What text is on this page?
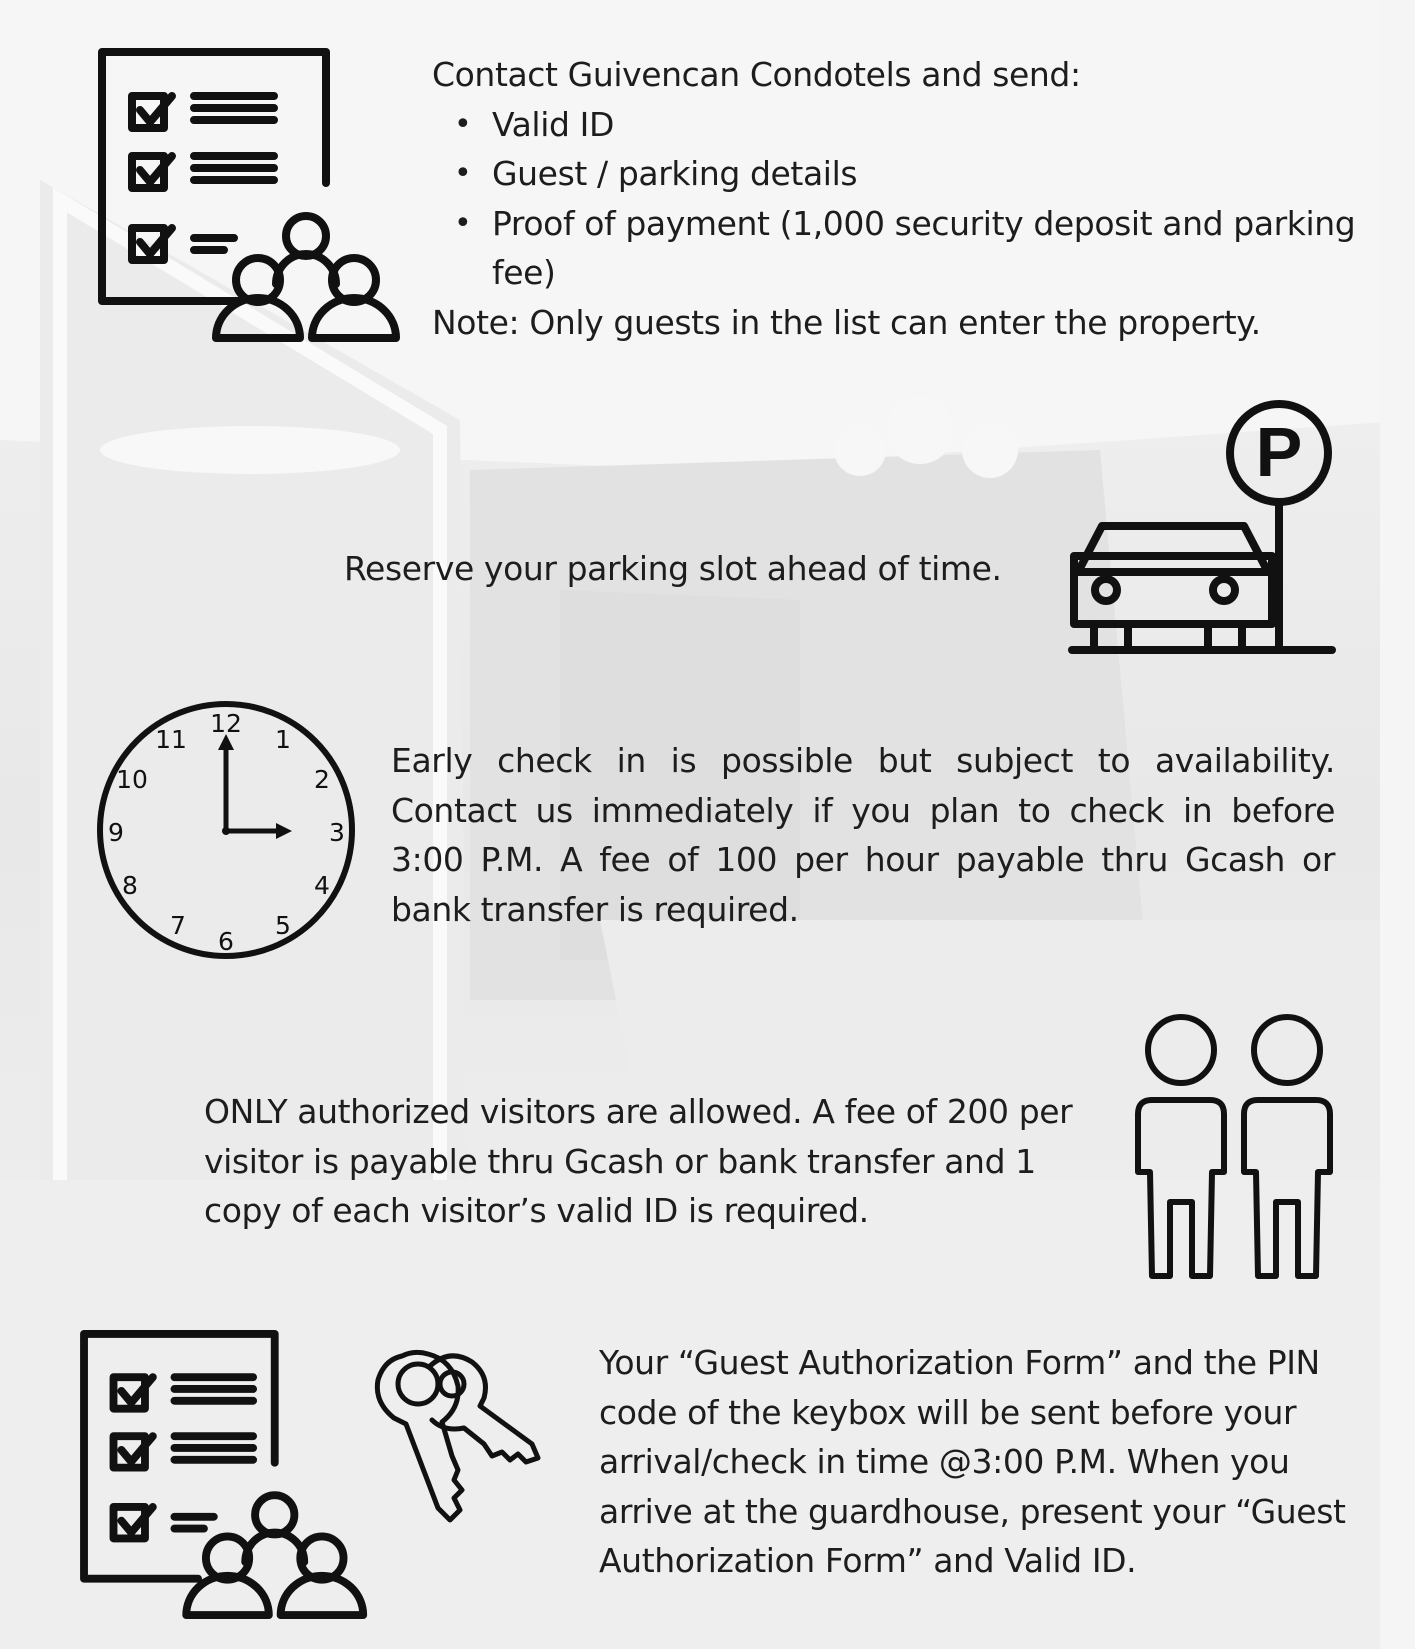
Contact Guivencan Condotels and send:
• Valid ID
• Guest / parking details
• Proof of payment (1,000 security deposit and parking fee)
Note: Only guests in the list can enter the property.
Reserve your parking slot ahead of time.
P
12
1
2
3
4
5
6
7
8
9
10
11
Early check in is possible but subject to availability. Contact us immediately if you plan to check in before 3:00 P.M. A fee of 100 per hour payable thru Gcash or bank transfer is required.
ONLY authorized visitors are allowed. A fee of 200 per visitor is payable thru Gcash or bank transfer and 1 copy of each visitor’s valid ID is required.
Your “Guest Authorization Form” and the PIN code of the keybox will be sent before your arrival/check in time @3:00 P.M. When you arrive at the guardhouse, present your “Guest Authorization Form” and Valid ID.
